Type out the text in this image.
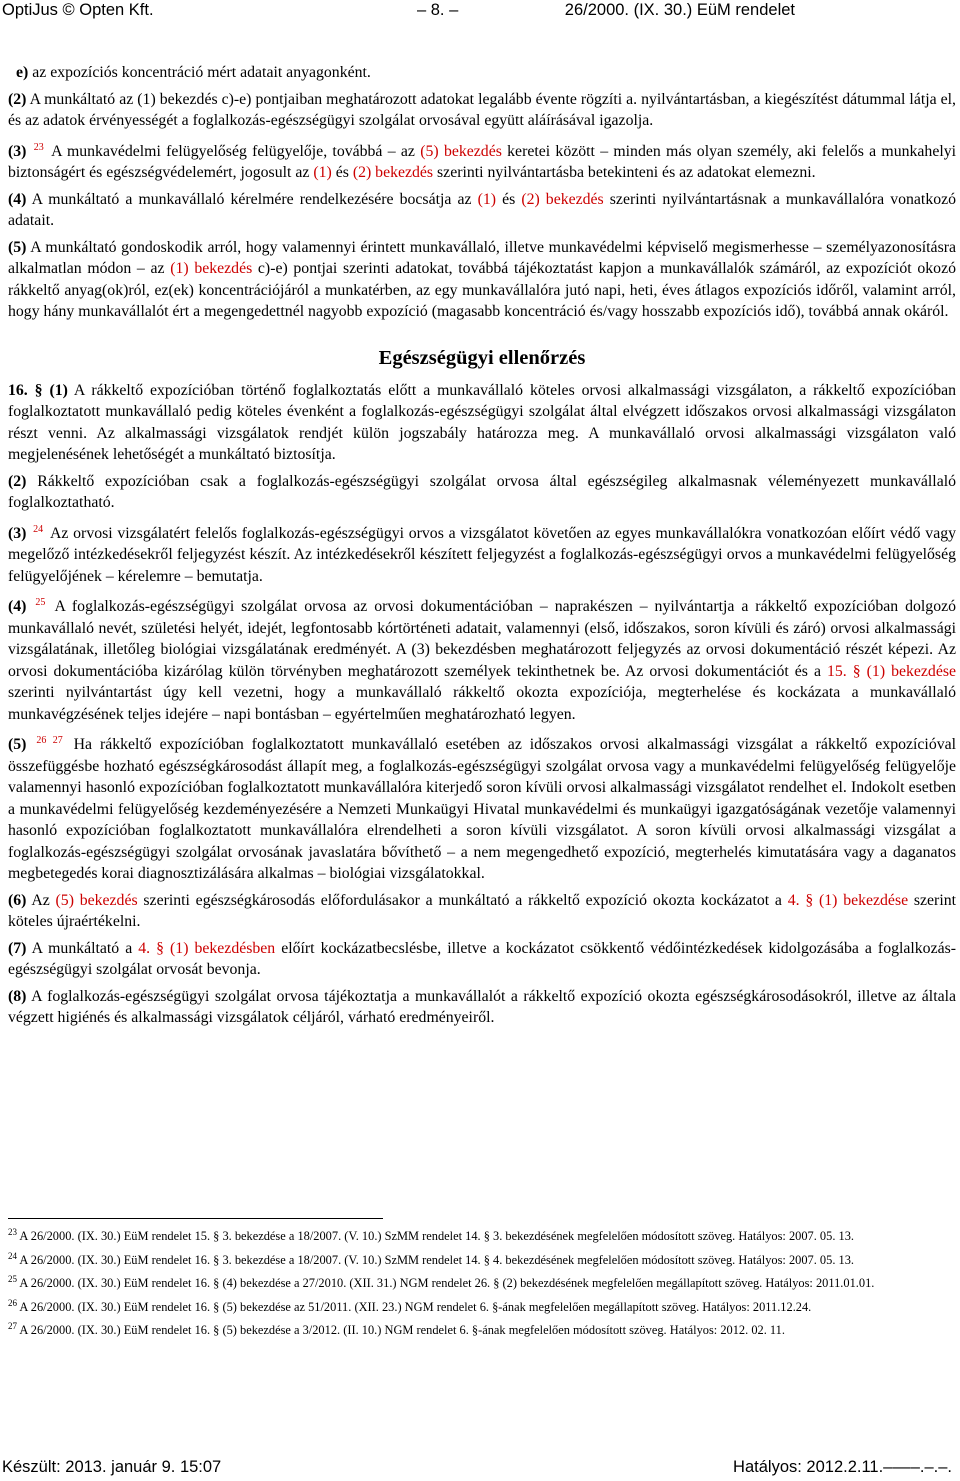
OptiJus © Opten Kft.	– 8. –	26/2000. (IX. 30.) EüM rendelet

e) az expozíciós koncentráció mért adatait anyagonként.

(2) A munkáltató az (1) bekezdés c)-e) pontjaiban meghatározott adatokat legalább évente rögzíti a. nyilvántartásban, a kiegészítést dátummal látja el, és az adatok érvényességét a foglalkozás-egészségügyi szolgálat orvosával együtt aláírásával igazolja.

(3) $^{23}$ A munkavédelmi felügyelőség felügyelője, továbbá – az (5) bekezdés keretei között – minden más olyan személy, aki felelős a munkahelyi biztonságért és egészségvédelemért, jogosult az (1) és (2) bekezdés szerinti nyilvántartásba betekinteni és az adatokat elemezni.

(4) A munkáltató a munkavállaló kérelmére rendelkezésére bocsátja az (1) és (2) bekezdés szerinti nyilvántartásnak a munkavállalóra vonatkozó adatait.

(5) A munkáltató gondoskodik arról, hogy valamennyi érintett munkavállaló, illetve munkavédelmi képviselő megismerhesse – személyazonosításra alkalmatlan módon – az (1) bekezdés c)-e) pontjai szerinti adatokat, továbbá tájékoztatást kapjon a munkavállalók számáról, az expozíciót okozó rákkeltő anyag(ok)ról, ez(ek) koncentrációjáról a munkatérben, az egy munkavállalóra jutó napi, heti, éves átlagos expozíciós időről, valamint arról, hogy hány munkavállalót ért a megengedettnél nagyobb expozíció (magasabb koncentráció és/vagy hosszabb expozíciós idő), továbbá annak okáról.

Egészségügyi ellenőrzés

16. § (1) A rákkeltő expozícióban történő foglalkoztatás előtt a munkavállaló köteles orvosi alkalmassági vizsgálaton, a rákkeltő expozícióban foglalkoztatott munkavállaló pedig köteles évenként a foglalkozás-egészségügyi szolgálat által elvégzett időszakos orvosi alkalmassági vizsgálaton részt venni. Az alkalmassági vizsgálatok rendjét külön jogszabály határozza meg. A munkavállaló orvosi alkalmassági vizsgálaton való megjelenésének lehetőségét a munkáltató biztosítja.

(2) Rákkeltő expozícióban csak a foglalkozás-egészségügyi szolgálat orvosa által egészségileg alkalmasnak véleményezett munkavállaló foglalkoztatható.

(3) $^{24}$ Az orvosi vizsgálatért felelős foglalkozás-egészségügyi orvos a vizsgálatot követően az egyes munkavállalókra vonatkozóan előírt védő vagy megelőző intézkedésekről feljegyzést készít. Az intézkedésekről készített feljegyzést a foglalkozás-egészségügyi orvos a munkavédelmi felügyelőség felügyelőjének – kérelemre – bemutatja.

(4) $^{25}$ A foglalkozás-egészségügyi szolgálat orvosa az orvosi dokumentációban – naprakészen – nyilvántartja a rákkeltő expozícióban dolgozó munkavállaló nevét, születési helyét, idejét, legfontosabb kórtörténeti adatait, valamennyi (első, időszakos, soron kívüli és záró) orvosi alkalmassági vizsgálatának, illetőleg biológiai vizsgálatának eredményét. A (3) bekezdésben meghatározott feljegyzés az orvosi dokumentáció részét képezi. Az orvosi dokumentációba kizárólag külön törvényben meghatározott személyek tekinthetnek be. Az orvosi dokumentációt és a 15. § (1) bekezdése szerinti nyilvántartást úgy kell vezetni, hogy a munkavállaló rákkeltő okozta expozíciója, megterhelése és kockázata a munkavállaló munkavégzésének teljes idejére – napi bontásban – egyértelműen meghatározható legyen.

(5) $^{26 27}$ Ha rákkeltő expozícióban foglalkoztatott munkavállaló esetében az időszakos orvosi alkalmassági vizsgálat a rákkeltő expozícióval összefüggésbe hozható egészségkárosodást állapít meg, a foglalkozás-egészségügyi szolgálat orvosa vagy a munkavédelmi felügyelőség felügyelője valamennyi hasonló expozícióban foglalkoztatott munkavállalóra kiterjedő soron kívüli orvosi alkalmassági vizsgálatot rendelhet el. Indokolt esetben a munkavédelmi felügyelőség kezdeményezésére a Nemzeti Munkaügyi Hivatal munkavédelmi és munkaügyi igazgatóságának vezetője valamennyi hasonló expozícióban foglalkoztatott munkavállalóra elrendelheti a soron kívüli vizsgálatot. A soron kívüli orvosi alkalmassági vizsgálat a foglalkozás-egészségügyi szolgálat orvosának javaslatára bővíthető – a nem megengedhető expozíció, megterhelés kimutatására vagy a daganatos megbetegedés korai diagnosztizálására alkalmas – biológiai vizsgálatokkal.

(6) Az (5) bekezdés szerinti egészségkárosodás előfordulásakor a munkáltató a rákkeltő expozíció okozta kockázatot a 4. § (1) bekezdése szerint köteles újraértékelni.

(7) A munkáltató a 4. § (1) bekezdésben előírt kockázatbecslésbe, illetve a kockázatot csökkentő védőintézkedések kidolgozásába a foglalkozás-egészségügyi szolgálat orvosát bevonja.

(8) A foglalkozás-egészségügyi szolgálat orvosa tájékoztatja a munkavállalót a rákkeltő expozíció okozta egészségkárosodásokról, illetve az általa végzett higiénés és alkalmassági vizsgálatok céljáról, várható eredményeiről.

$^{23}$ A 26/2000. (IX. 30.) EüM rendelet 15. § 3. bekezdése a 18/2007. (V. 10.) SzMM rendelet 14. § 3. bekezdésének megfelelően módosított szöveg. Hatályos: 2007. 05. 13.

$^{24}$ A 26/2000. (IX. 30.) EüM rendelet 16. § 3. bekezdése a 18/2007. (V. 10.) SzMM rendelet 14. § 4. bekezdésének megfelelően módosított szöveg. Hatályos: 2007. 05. 13.

$^{25}$ A 26/2000. (IX. 30.) EüM rendelet 16. § (4) bekezdése a 27/2010. (XII. 31.) NGM rendelet 26. § (2) bekezdésének megfelelően megállapított szöveg. Hatályos: 2011.01.01.

$^{26}$ A 26/2000. (IX. 30.) EüM rendelet 16. § (5) bekezdése az 51/2011. (XII. 23.) NGM rendelet 6. §-ának megfelelően megállapított szöveg. Hatályos: 2011.12.24.

$^{27}$ A 26/2000. (IX. 30.) EüM rendelet 16. § (5) bekezdése a 3/2012. (II. 10.) NGM rendelet 6. §-ának megfelelően módosított szöveg. Hatályos: 2012. 02. 11.

Készült: 2013. január 9. 15:07	Hatályos: 2012.2.11.––––.–.–.
